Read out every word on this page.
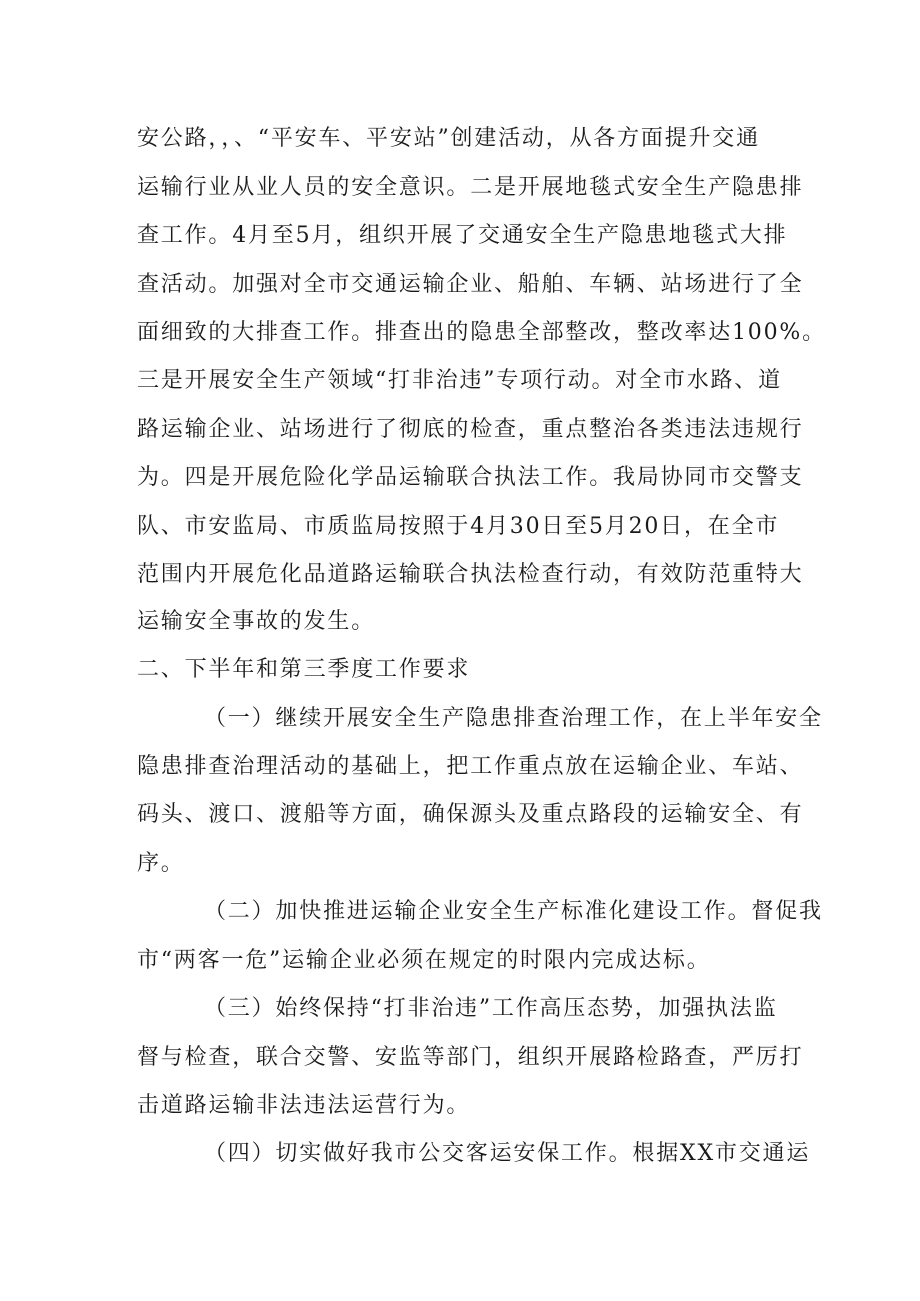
安公路，，、“平安车、平安站”创建活动，从各方面提升交通
运输行业从业人员的安全意识。二是开展地毯式安全生产隐患排
查工作。4月至5月，组织开展了交通安全生产隐患地毯式大排
查活动。加强对全市交通运输企业、船舶、车辆、站场进行了全
面细致的大排查工作。排查出的隐患全部整改，整改率达100%。
三是开展安全生产领域“打非治违”专项行动。对全市水路、道
路运输企业、站场进行了彻底的检查，重点整治各类违法违规行
为。四是开展危险化学品运输联合执法工作。我局协同市交警支
队、市安监局、市质监局按照于4月30日至5月20日，在全市
范围内开展危化品道路运输联合执法检查行动，有效防范重特大
运输安全事故的发生。
二、下半年和第三季度工作要求
（一）继续开展安全生产隐患排查治理工作，在上半年安全
隐患排查治理活动的基础上，把工作重点放在运输企业、车站、
码头、渡口、渡船等方面，确保源头及重点路段的运输安全、有
序。
（二）加快推进运输企业安全生产标准化建设工作。督促我
市“两客一危”运输企业必须在规定的时限内完成达标。
（三）始终保持“打非治违”工作高压态势，加强执法监
督与检查，联合交警、安监等部门，组织开展路检路查，严厉打
击道路运输非法违法运营行为。
（四）切实做好我市公交客运安保工作。根据XX市交通运
